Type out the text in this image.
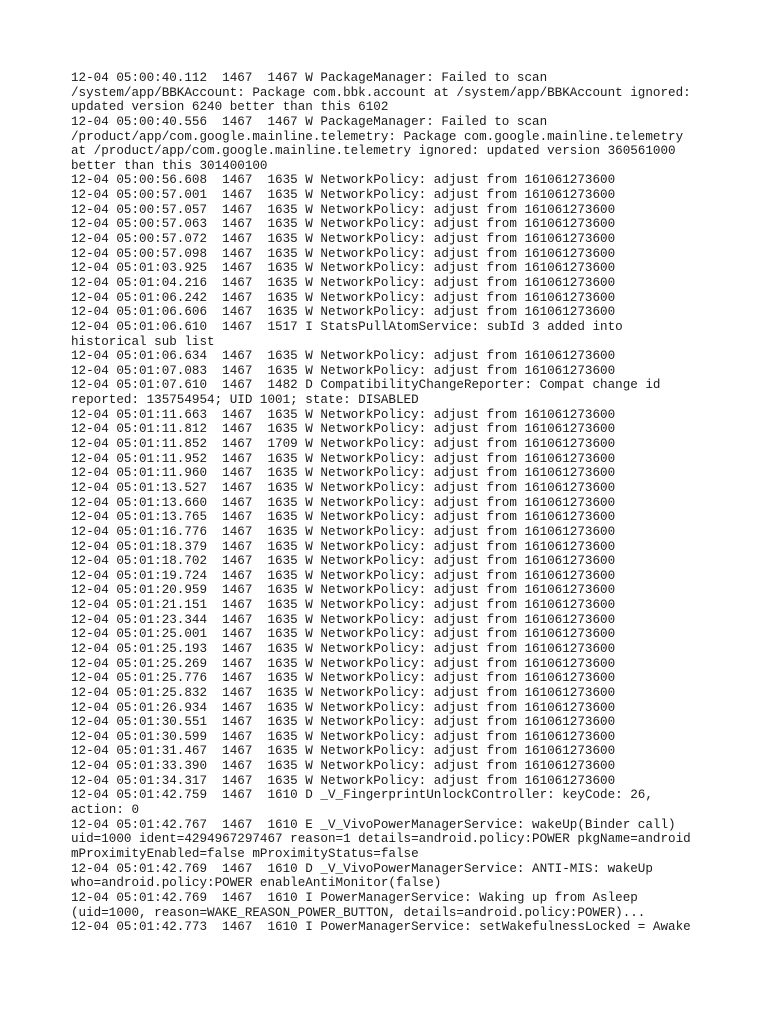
12-04 05:00:40.112  1467  1467 W PackageManager: Failed to scan
/system/app/BBKAccount: Package com.bbk.account at /system/app/BBKAccount ignored:
updated version 6240 better than this 6102
12-04 05:00:40.556  1467  1467 W PackageManager: Failed to scan
/product/app/com.google.mainline.telemetry: Package com.google.mainline.telemetry
at /product/app/com.google.mainline.telemetry ignored: updated version 360561000
better than this 301400100
12-04 05:00:56.608  1467  1635 W NetworkPolicy: adjust from 161061273600
12-04 05:00:57.001  1467  1635 W NetworkPolicy: adjust from 161061273600
12-04 05:00:57.057  1467  1635 W NetworkPolicy: adjust from 161061273600
12-04 05:00:57.063  1467  1635 W NetworkPolicy: adjust from 161061273600
12-04 05:00:57.072  1467  1635 W NetworkPolicy: adjust from 161061273600
12-04 05:00:57.098  1467  1635 W NetworkPolicy: adjust from 161061273600
12-04 05:01:03.925  1467  1635 W NetworkPolicy: adjust from 161061273600
12-04 05:01:04.216  1467  1635 W NetworkPolicy: adjust from 161061273600
12-04 05:01:06.242  1467  1635 W NetworkPolicy: adjust from 161061273600
12-04 05:01:06.606  1467  1635 W NetworkPolicy: adjust from 161061273600
12-04 05:01:06.610  1467  1517 I StatsPullAtomService: subId 3 added into
historical sub list
12-04 05:01:06.634  1467  1635 W NetworkPolicy: adjust from 161061273600
12-04 05:01:07.083  1467  1635 W NetworkPolicy: adjust from 161061273600
12-04 05:01:07.610  1467  1482 D CompatibilityChangeReporter: Compat change id
reported: 135754954; UID 1001; state: DISABLED
12-04 05:01:11.663  1467  1635 W NetworkPolicy: adjust from 161061273600
12-04 05:01:11.812  1467  1635 W NetworkPolicy: adjust from 161061273600
12-04 05:01:11.852  1467  1709 W NetworkPolicy: adjust from 161061273600
12-04 05:01:11.952  1467  1635 W NetworkPolicy: adjust from 161061273600
12-04 05:01:11.960  1467  1635 W NetworkPolicy: adjust from 161061273600
12-04 05:01:13.527  1467  1635 W NetworkPolicy: adjust from 161061273600
12-04 05:01:13.660  1467  1635 W NetworkPolicy: adjust from 161061273600
12-04 05:01:13.765  1467  1635 W NetworkPolicy: adjust from 161061273600
12-04 05:01:16.776  1467  1635 W NetworkPolicy: adjust from 161061273600
12-04 05:01:18.379  1467  1635 W NetworkPolicy: adjust from 161061273600
12-04 05:01:18.702  1467  1635 W NetworkPolicy: adjust from 161061273600
12-04 05:01:19.724  1467  1635 W NetworkPolicy: adjust from 161061273600
12-04 05:01:20.959  1467  1635 W NetworkPolicy: adjust from 161061273600
12-04 05:01:21.151  1467  1635 W NetworkPolicy: adjust from 161061273600
12-04 05:01:23.344  1467  1635 W NetworkPolicy: adjust from 161061273600
12-04 05:01:25.001  1467  1635 W NetworkPolicy: adjust from 161061273600
12-04 05:01:25.193  1467  1635 W NetworkPolicy: adjust from 161061273600
12-04 05:01:25.269  1467  1635 W NetworkPolicy: adjust from 161061273600
12-04 05:01:25.776  1467  1635 W NetworkPolicy: adjust from 161061273600
12-04 05:01:25.832  1467  1635 W NetworkPolicy: adjust from 161061273600
12-04 05:01:26.934  1467  1635 W NetworkPolicy: adjust from 161061273600
12-04 05:01:30.551  1467  1635 W NetworkPolicy: adjust from 161061273600
12-04 05:01:30.599  1467  1635 W NetworkPolicy: adjust from 161061273600
12-04 05:01:31.467  1467  1635 W NetworkPolicy: adjust from 161061273600
12-04 05:01:33.390  1467  1635 W NetworkPolicy: adjust from 161061273600
12-04 05:01:34.317  1467  1635 W NetworkPolicy: adjust from 161061273600
12-04 05:01:42.759  1467  1610 D _V_FingerprintUnlockController: keyCode: 26,
action: 0
12-04 05:01:42.767  1467  1610 E _V_VivoPowerManagerService: wakeUp(Binder call)
uid=1000 ident=4294967297467 reason=1 details=android.policy:POWER pkgName=android
mProximityEnabled=false mProximityStatus=false
12-04 05:01:42.769  1467  1610 D _V_VivoPowerManagerService: ANTI-MIS: wakeUp
who=android.policy:POWER enableAntiMonitor(false)
12-04 05:01:42.769  1467  1610 I PowerManagerService: Waking up from Asleep
(uid=1000, reason=WAKE_REASON_POWER_BUTTON, details=android.policy:POWER)...
12-04 05:01:42.773  1467  1610 I PowerManagerService: setWakefulnessLocked = Awake
